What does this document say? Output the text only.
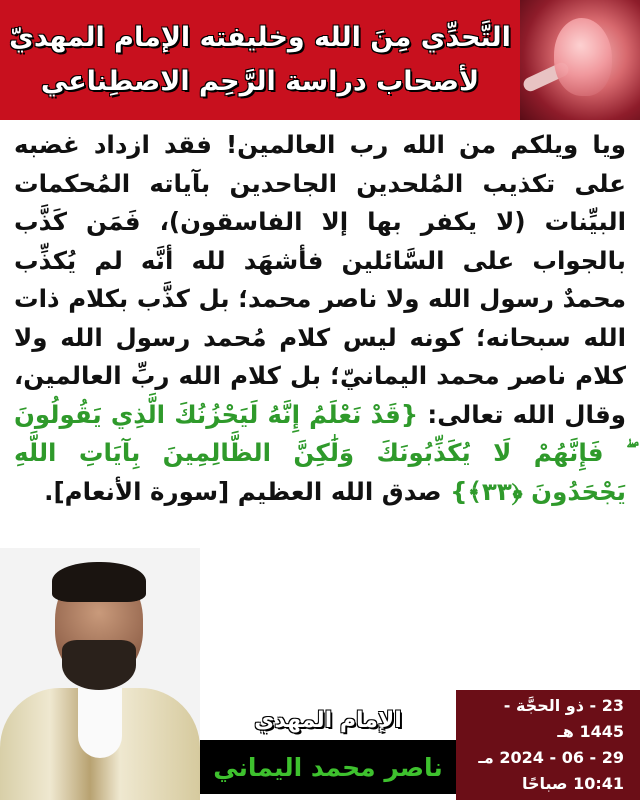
التَّحدِّي مِنَ الله وخليفته الإمام المهديّ
لأصحاب دراسة الرَّحِم الاصطِناعي

ويا ويلكم من الله رب العالمين! فقد ازداد غضبه على تكذيب المُلحدين الجاحدين بآياته المُحكمات البيِّنات (لا يكفر بها إلا الفاسقون)، فَمَن كَذَّب بالجواب على السَّائلين فأشهَد لله أنَّه لم يُكذِّب محمدٌ رسول الله ولا ناصر محمد؛ بل كذَّب بكلام ذات الله سبحانه؛ كونه ليس كلام مُحمد رسول الله ولا كلام ناصر محمد اليمانيّ؛ بل كلام الله ربِّ العالمين، وقال الله تعالى: {قَدْ نَعْلَمُ إِنَّهُ لَيَحْزُنُكَ الَّذِي يَقُولُونَ ۖ فَإِنَّهُمْ لَا يُكَذِّبُونَكَ وَلَٰكِنَّ الظَّالِمِينَ بِآيَاتِ اللَّهِ يَجْحَدُونَ ﴿٣٣﴾} صدق الله العظيم [سورة الأنعام].

الإمام المهدي

ناصر محمد اليماني

23 - ذو الحجَّة - 1445 هـ
29 - 06 - 2024 مـ
10:41 صباحًا
